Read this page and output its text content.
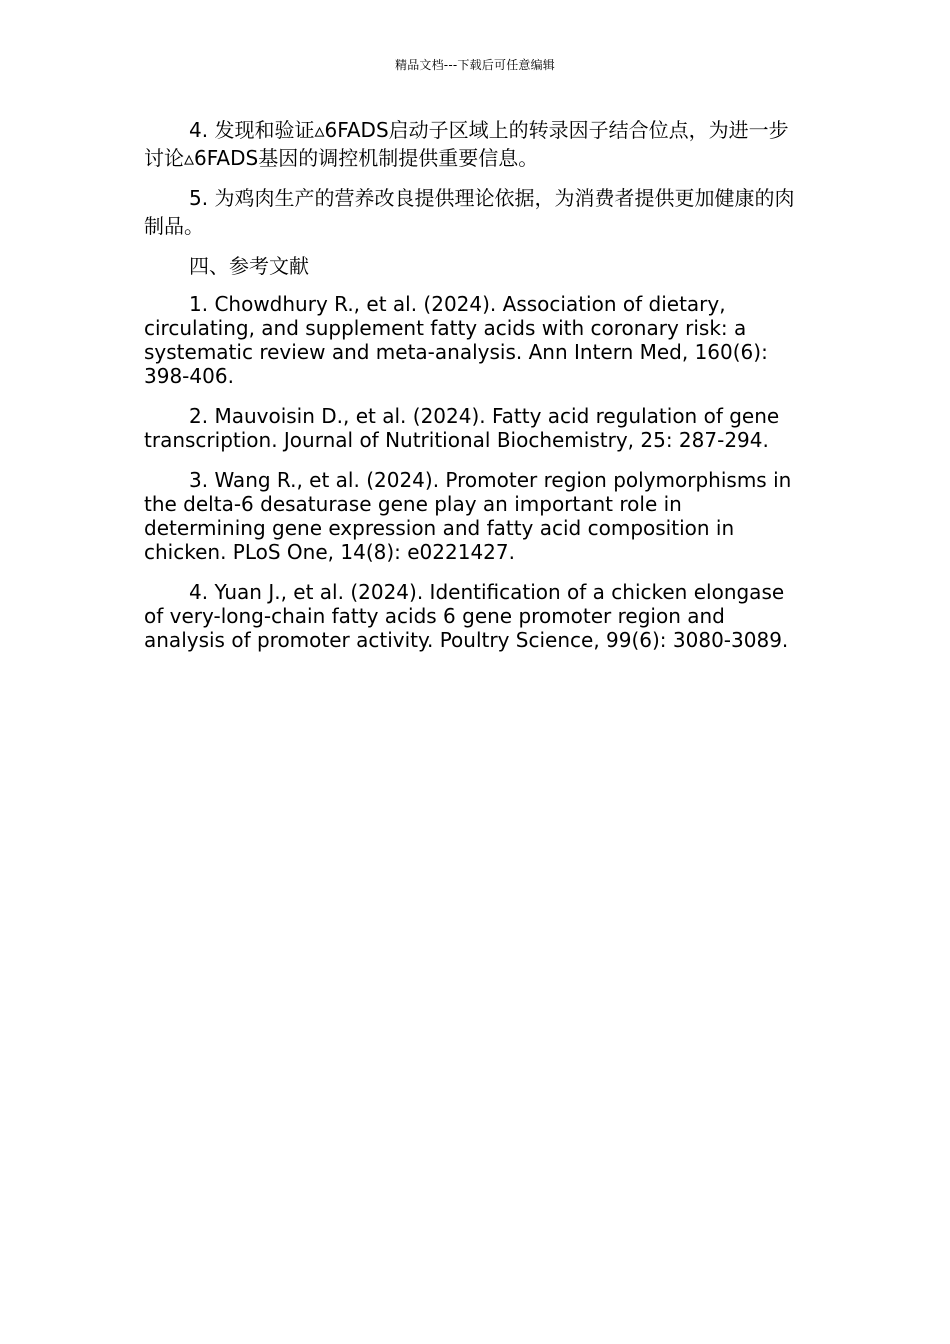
精品文档---下载后可任意编辑

4. 发现和验证▵6FADS启动子区域上的转录因子结合位点，为进一步讨论▵6FADS基因的调控机制提供重要信息。

5. 为鸡肉生产的营养改良提供理论依据，为消费者提供更加健康的肉制品。

四、参考文献

1. Chowdhury R., et al. (2024). Association of dietary, circulating, and supplement fatty acids with coronary risk: a systematic review and meta-analysis. Ann Intern Med, 160(6): 398-406.

2. Mauvoisin D., et al. (2024). Fatty acid regulation of gene transcription. Journal of Nutritional Biochemistry, 25: 287-294.

3. Wang R., et al. (2024). Promoter region polymorphisms in the delta-6 desaturase gene play an important role in determining gene expression and fatty acid composition in chicken. PLoS One, 14(8): e0221427.

4. Yuan J., et al. (2024). Identification of a chicken elongase of very-long-chain fatty acids 6 gene promoter region and analysis of promoter activity. Poultry Science, 99(6): 3080-3089.
